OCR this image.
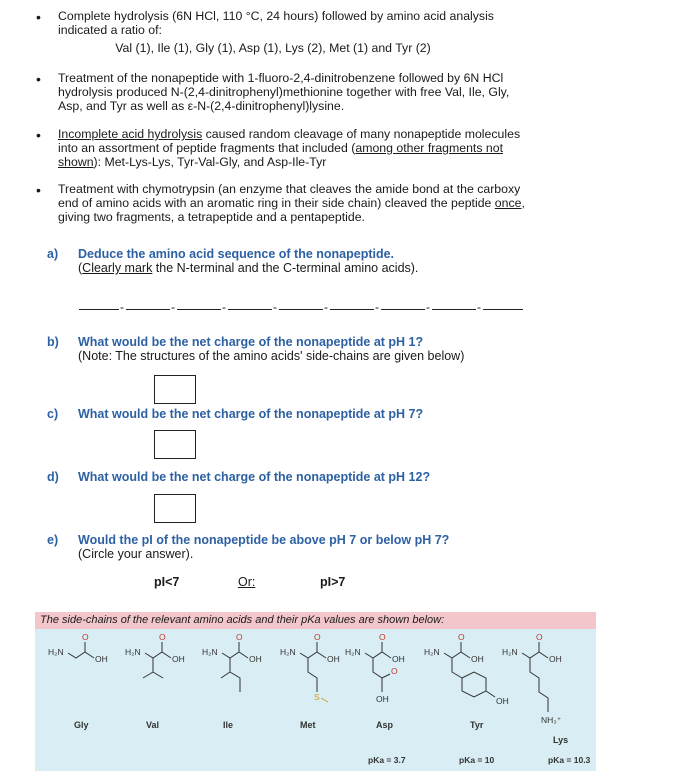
• Complete hydrolysis (6N HCl, 110 °C, 24 hours) followed by amino acid analysis
indicated a ratio of:
Val (1), Ile (1), Gly (1), Asp (1), Lys (2), Met (1) and Tyr (2)
• Treatment of the nonapeptide with 1-fluoro-2,4-dinitrobenzene followed by 6N HCl
hydrolysis produced N-(2,4-dinitrophenyl)methionine together with free Val, Ile, Gly,
Asp, and Tyr as well as ε-N-(2,4-dinitrophenyl)lysine.
• Incomplete acid hydrolysis caused random cleavage of many nonapeptide molecules
into an assortment of peptide fragments that included (among other fragments not
shown): Met-Lys-Lys, Tyr-Val-Gly, and Asp-Ile-Tyr
• Treatment with chymotrypsin (an enzyme that cleaves the amide bond at the carboxy
end of amino acids with an aromatic ring in their side chain) cleaved the peptide once,
giving two fragments, a tetrapeptide and a pentapeptide.
a) Deduce the amino acid sequence of the nonapeptide.
(Clearly mark the N-terminal and the C-terminal amino acids).
-	-	-	-	-	-	-	-
b) What would be the net charge of the nonapeptide at pH 1?
(Note: The structures of the amino acids' side-chains are given below)
c) What would be the net charge of the nonapeptide at pH 7?
d) What would be the net charge of the nonapeptide at pH 12?
e) Would the pI of the nonapeptide be above pH 7 or below pH 7?
(Circle your answer).
pI<7	Or:	pI>7
The side-chains of the relevant amino acids and their pKa values are shown below:
H₂N
OH
O
H₂N
OH
O
H₂N
OH
O
H₂N
OH
O
S
H₂N
OH
O
O
OH
H₂N
OH
O
OH
H₂N
OH
O
NH₃⁺
Gly	Val	Ile	Met	Asp	Tyr
Lys
pKa = 3.7	pKa = 10	pKa = 10.3
